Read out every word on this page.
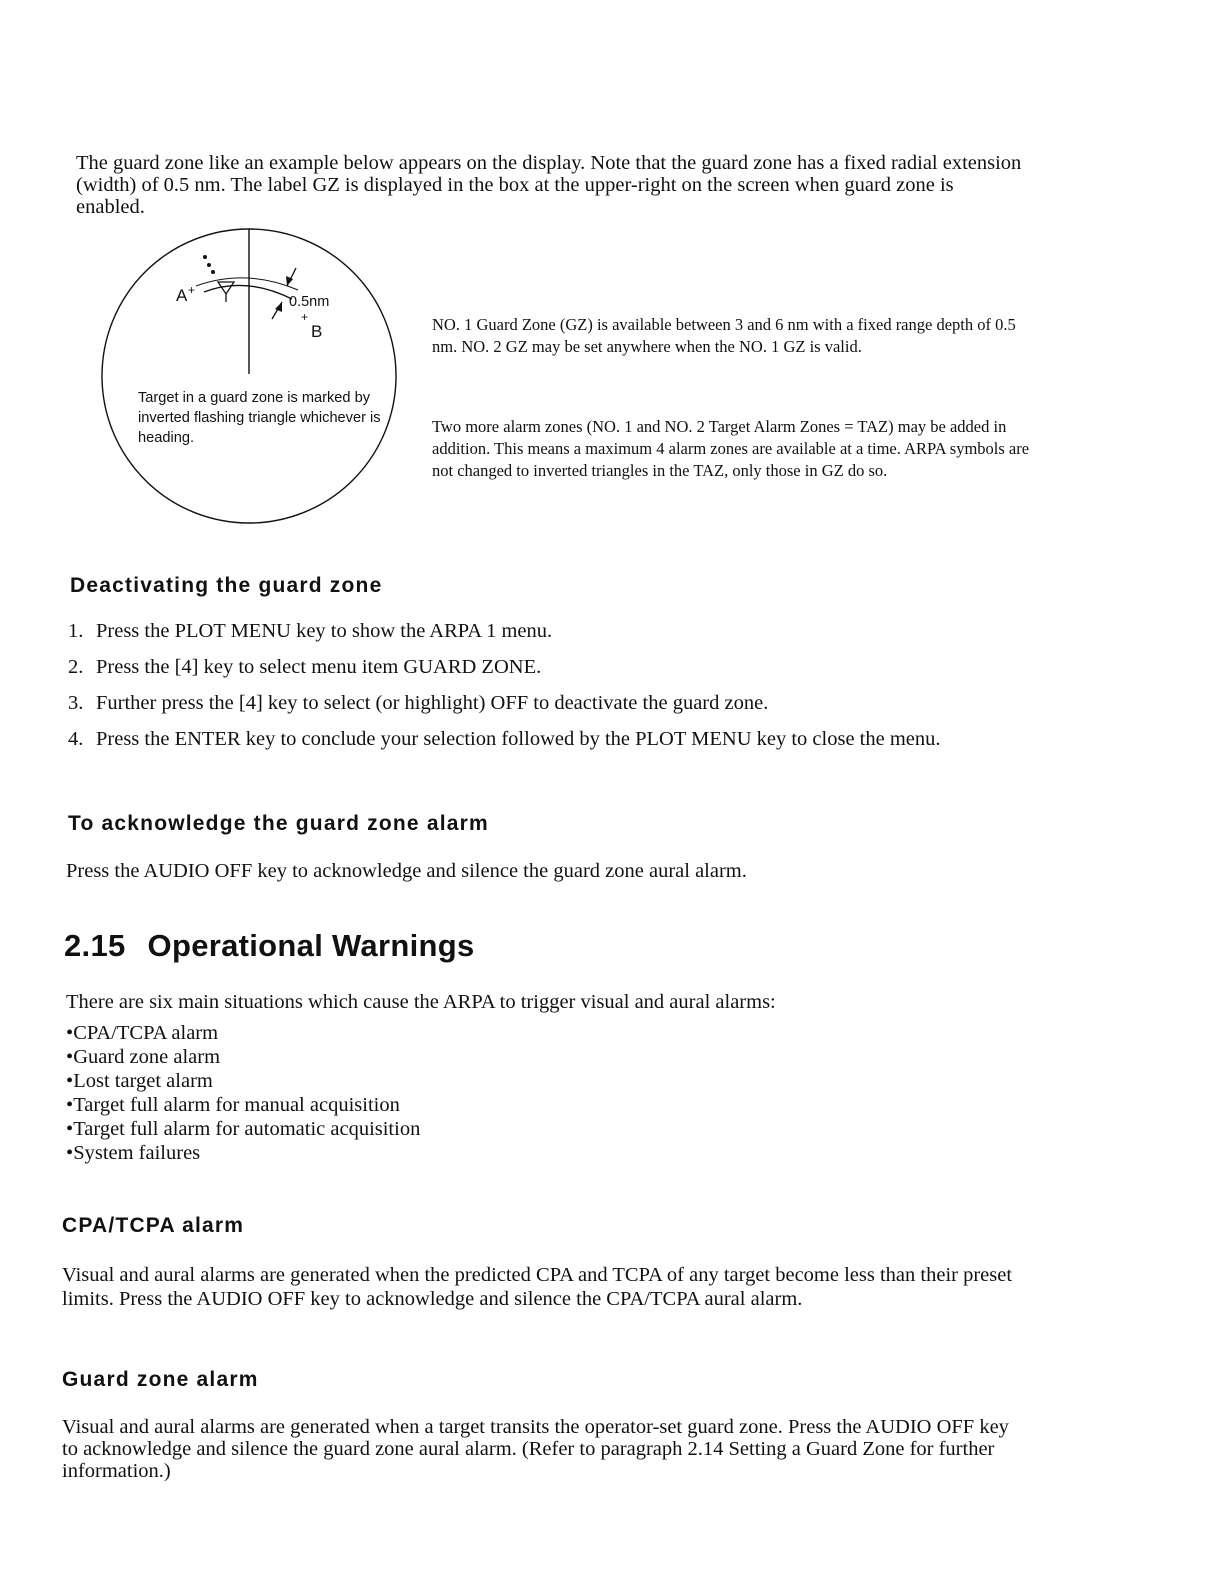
The guard zone like an example below appears on the display. Note that the guard zone has a fixed radial extension (width) of 0.5 nm. The label GZ is displayed in the box at the upper-right on the screen when guard zone is enabled.

+
+
A
B
0.5nm

Target in a guard zone is marked by inverted flashing triangle whichever is heading.

NO. 1 Guard Zone (GZ) is available between 3 and 6 nm with a fixed range depth of 0.5 nm. NO. 2 GZ may be set anywhere when the NO. 1 GZ is valid.

Two more alarm zones (NO. 1 and NO. 2 Target Alarm Zones = TAZ) may be added in addition. This means a maximum 4 alarm zones are available at a time. ARPA symbols are not changed to inverted triangles in the TAZ, only those in GZ do so.

Deactivating the guard zone
1. Press the PLOT MENU key to show the ARPA 1 menu.
2. Press the [4] key to select menu item GUARD ZONE.
3. Further press the [4] key to select (or highlight) OFF to deactivate the guard zone.
4. Press the ENTER key to conclude your selection followed by the PLOT MENU key to close the menu.
To acknowledge the guard zone alarm

Press the AUDIO OFF key to acknowledge and silence the guard zone aural alarm.

2.15 Operational Warnings

There are six main situations which cause the ARPA to trigger visual and aural alarms:

• CPA/TCPA alarm
• Guard zone alarm
• Lost target alarm
• Target full alarm for manual acquisition
• Target full alarm for automatic acquisition
• System failures
CPA/TCPA alarm

Visual and aural alarms are generated when the predicted CPA and TCPA of any target become less than their preset limits. Press the AUDIO OFF key to acknowledge and silence the CPA/TCPA aural alarm.

Guard zone alarm

Visual and aural alarms are generated when a target transits the operator-set guard zone. Press the AUDIO OFF key to acknowledge and silence the guard zone aural alarm. (Refer to paragraph 2.14 Setting a Guard Zone for further information.)
